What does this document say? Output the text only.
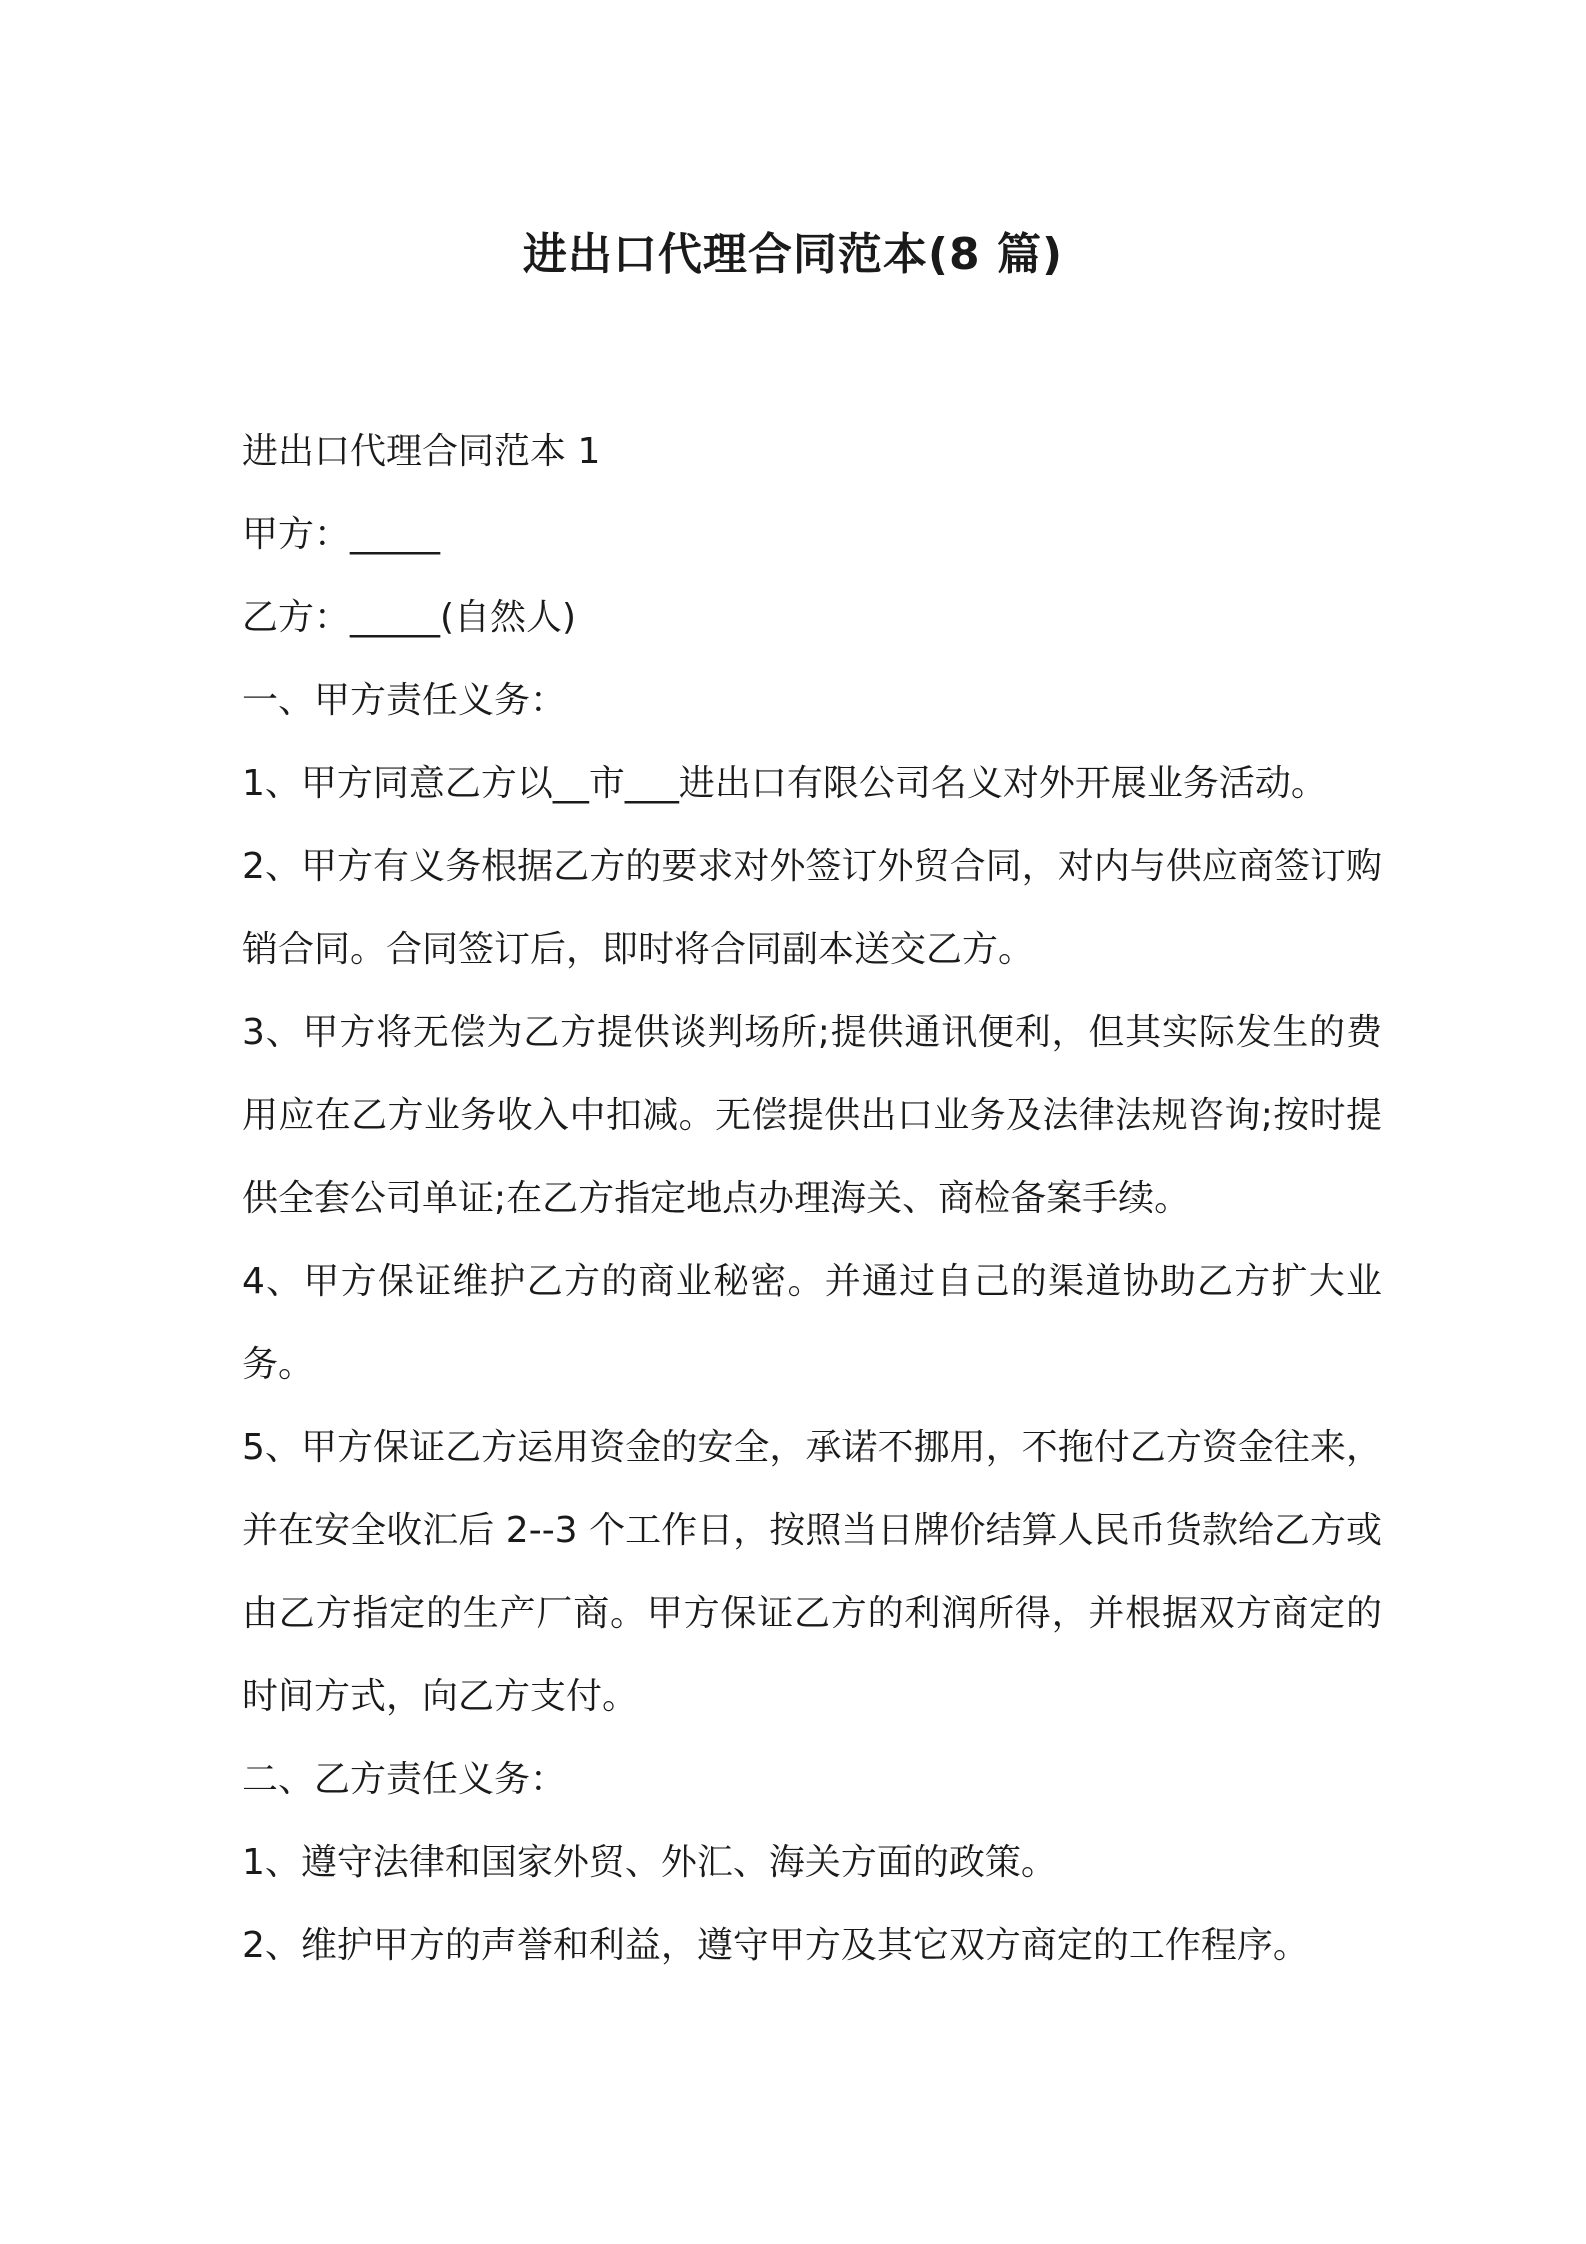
进出口代理合同范本(8 篇)

进出口代理合同范本 1

甲方：_____

乙方：_____(自然人)

一、甲方责任义务：

1、甲方同意乙方以__市___进出口有限公司名义对外开展业务活动。

2、甲方有义务根据乙方的要求对外签订外贸合同，对内与供应商签订购销合同。合同签订后，即时将合同副本送交乙方。

3、甲方将无偿为乙方提供谈判场所;提供通讯便利，但其实际发生的费用应在乙方业务收入中扣减。无偿提供出口业务及法律法规咨询;按时提供全套公司单证;在乙方指定地点办理海关、商检备案手续。

4、甲方保证维护乙方的商业秘密。并通过自己的渠道协助乙方扩大业务。

5、甲方保证乙方运用资金的安全，承诺不挪用，不拖付乙方资金往来，并在安全收汇后 2--3 个工作日，按照当日牌价结算人民币货款给乙方或由乙方指定的生产厂商。甲方保证乙方的利润所得，并根据双方商定的时间方式，向乙方支付。

二、乙方责任义务：

1、遵守法律和国家外贸、外汇、海关方面的政策。

2、维护甲方的声誉和利益，遵守甲方及其它双方商定的工作程序。
